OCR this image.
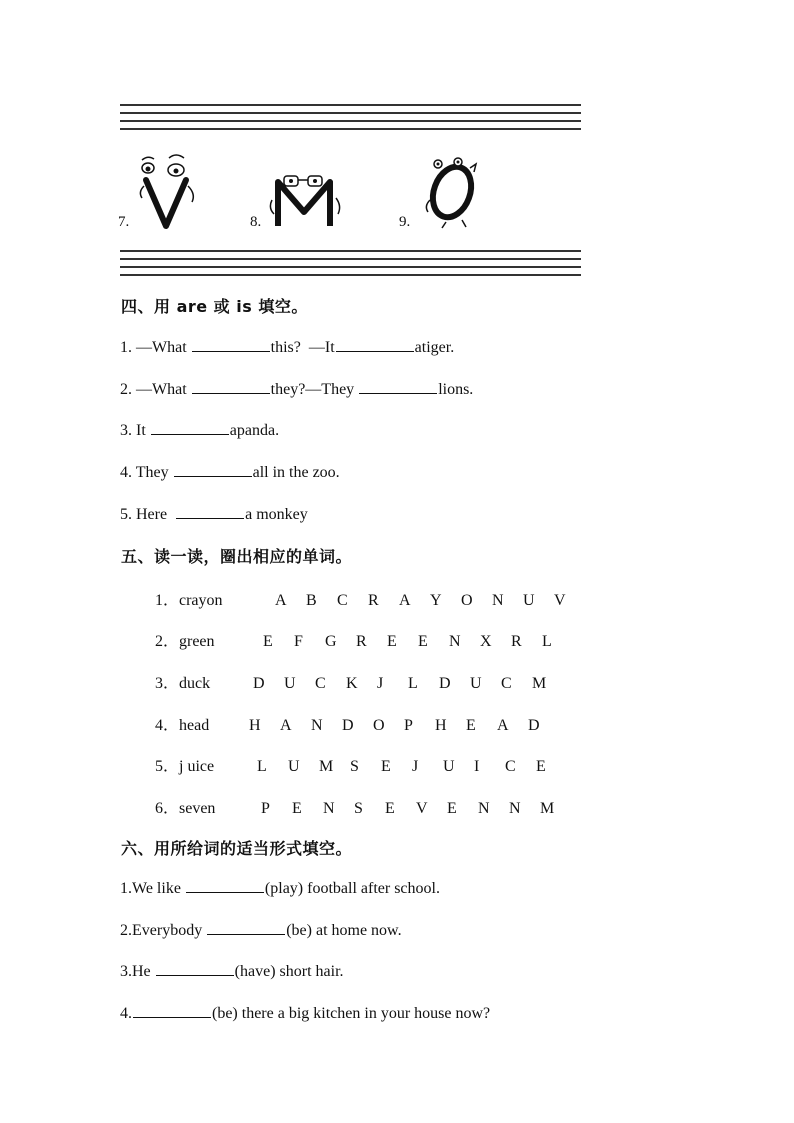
7.	8.	9.
四、用 are 或 is 填空。
1. —What	this?  —It	atiger.
2. —What	they?—They	lions.
3. It	apanda.
4. They	all in the zoo.
5. Here	a monkey
五、读一读，圈出相应的单词。
1．crayon	A B C R A Y O N U V
2．green	E F G R E E N X R L
3．duck	D U C K J L D U C M
4．head H A N D O P H E A D
5．j uice	L U M S E J U I C E
6．seven	P E N S E V E N N M
六、用所给词的适当形式填空。
1.We like	(play) football after school.
2.Everybody	(be) at home now.
3.He	(have) short hair.
4.	(be) there a big kitchen in your house now?
